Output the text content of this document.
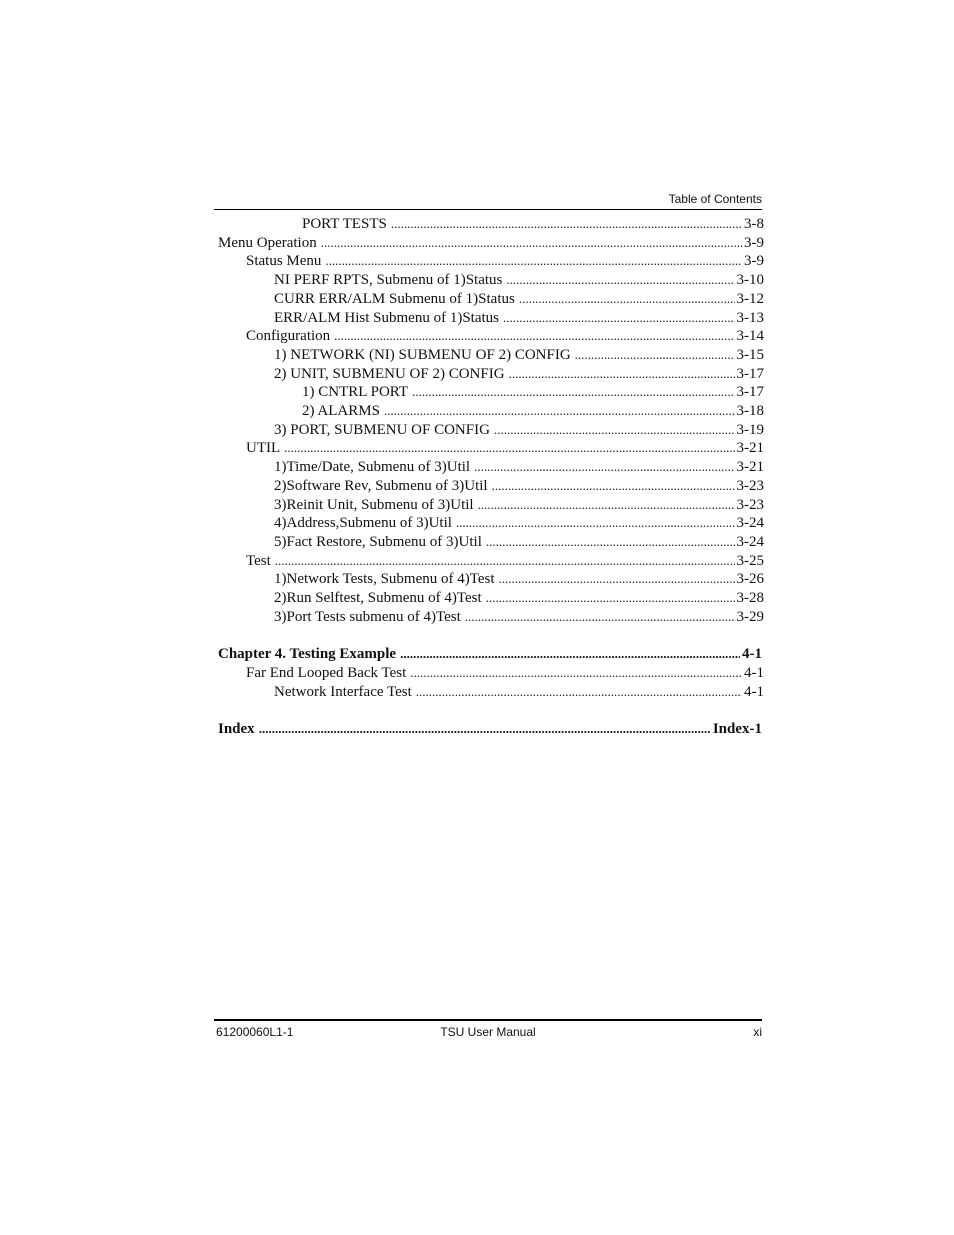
Table of Contents
PORT TESTS .....	3-8
Menu Operation .....	3-9
Status Menu .....	3-9
NI PERF RPTS, Submenu of 1)Status .....	3-10
CURR ERR/ALM Submenu of 1)Status .....	3-12
ERR/ALM Hist Submenu of 1)Status .....	3-13
Configuration .....	3-14
1) NETWORK (NI) SUBMENU OF 2) CONFIG .....	3-15
2) UNIT, SUBMENU OF 2) CONFIG .....	3-17
1) CNTRL PORT .....	3-17
2) ALARMS .....	3-18
3) PORT, SUBMENU OF CONFIG .....	3-19
UTIL .....	3-21
1)Time/Date, Submenu of 3)Util .....	3-21
2)Software Rev, Submenu of 3)Util .....	3-23
3)Reinit Unit, Submenu of 3)Util .....	3-23
4)Address,Submenu of 3)Util .....	3-24
5)Fact Restore, Submenu of 3)Util .....	3-24
Test .....	3-25
1)Network Tests, Submenu of 4)Test .....	3-26
2)Run Selftest, Submenu of 4)Test .....	3-28
3)Port Tests submenu of 4)Test .....	3-29
Chapter 4. Testing Example .....	4-1
Far End Looped Back Test .....	4-1
Network Interface Test .....	4-1
Index .....	Index-1
61200060L1-1	TSU User Manual	xi
